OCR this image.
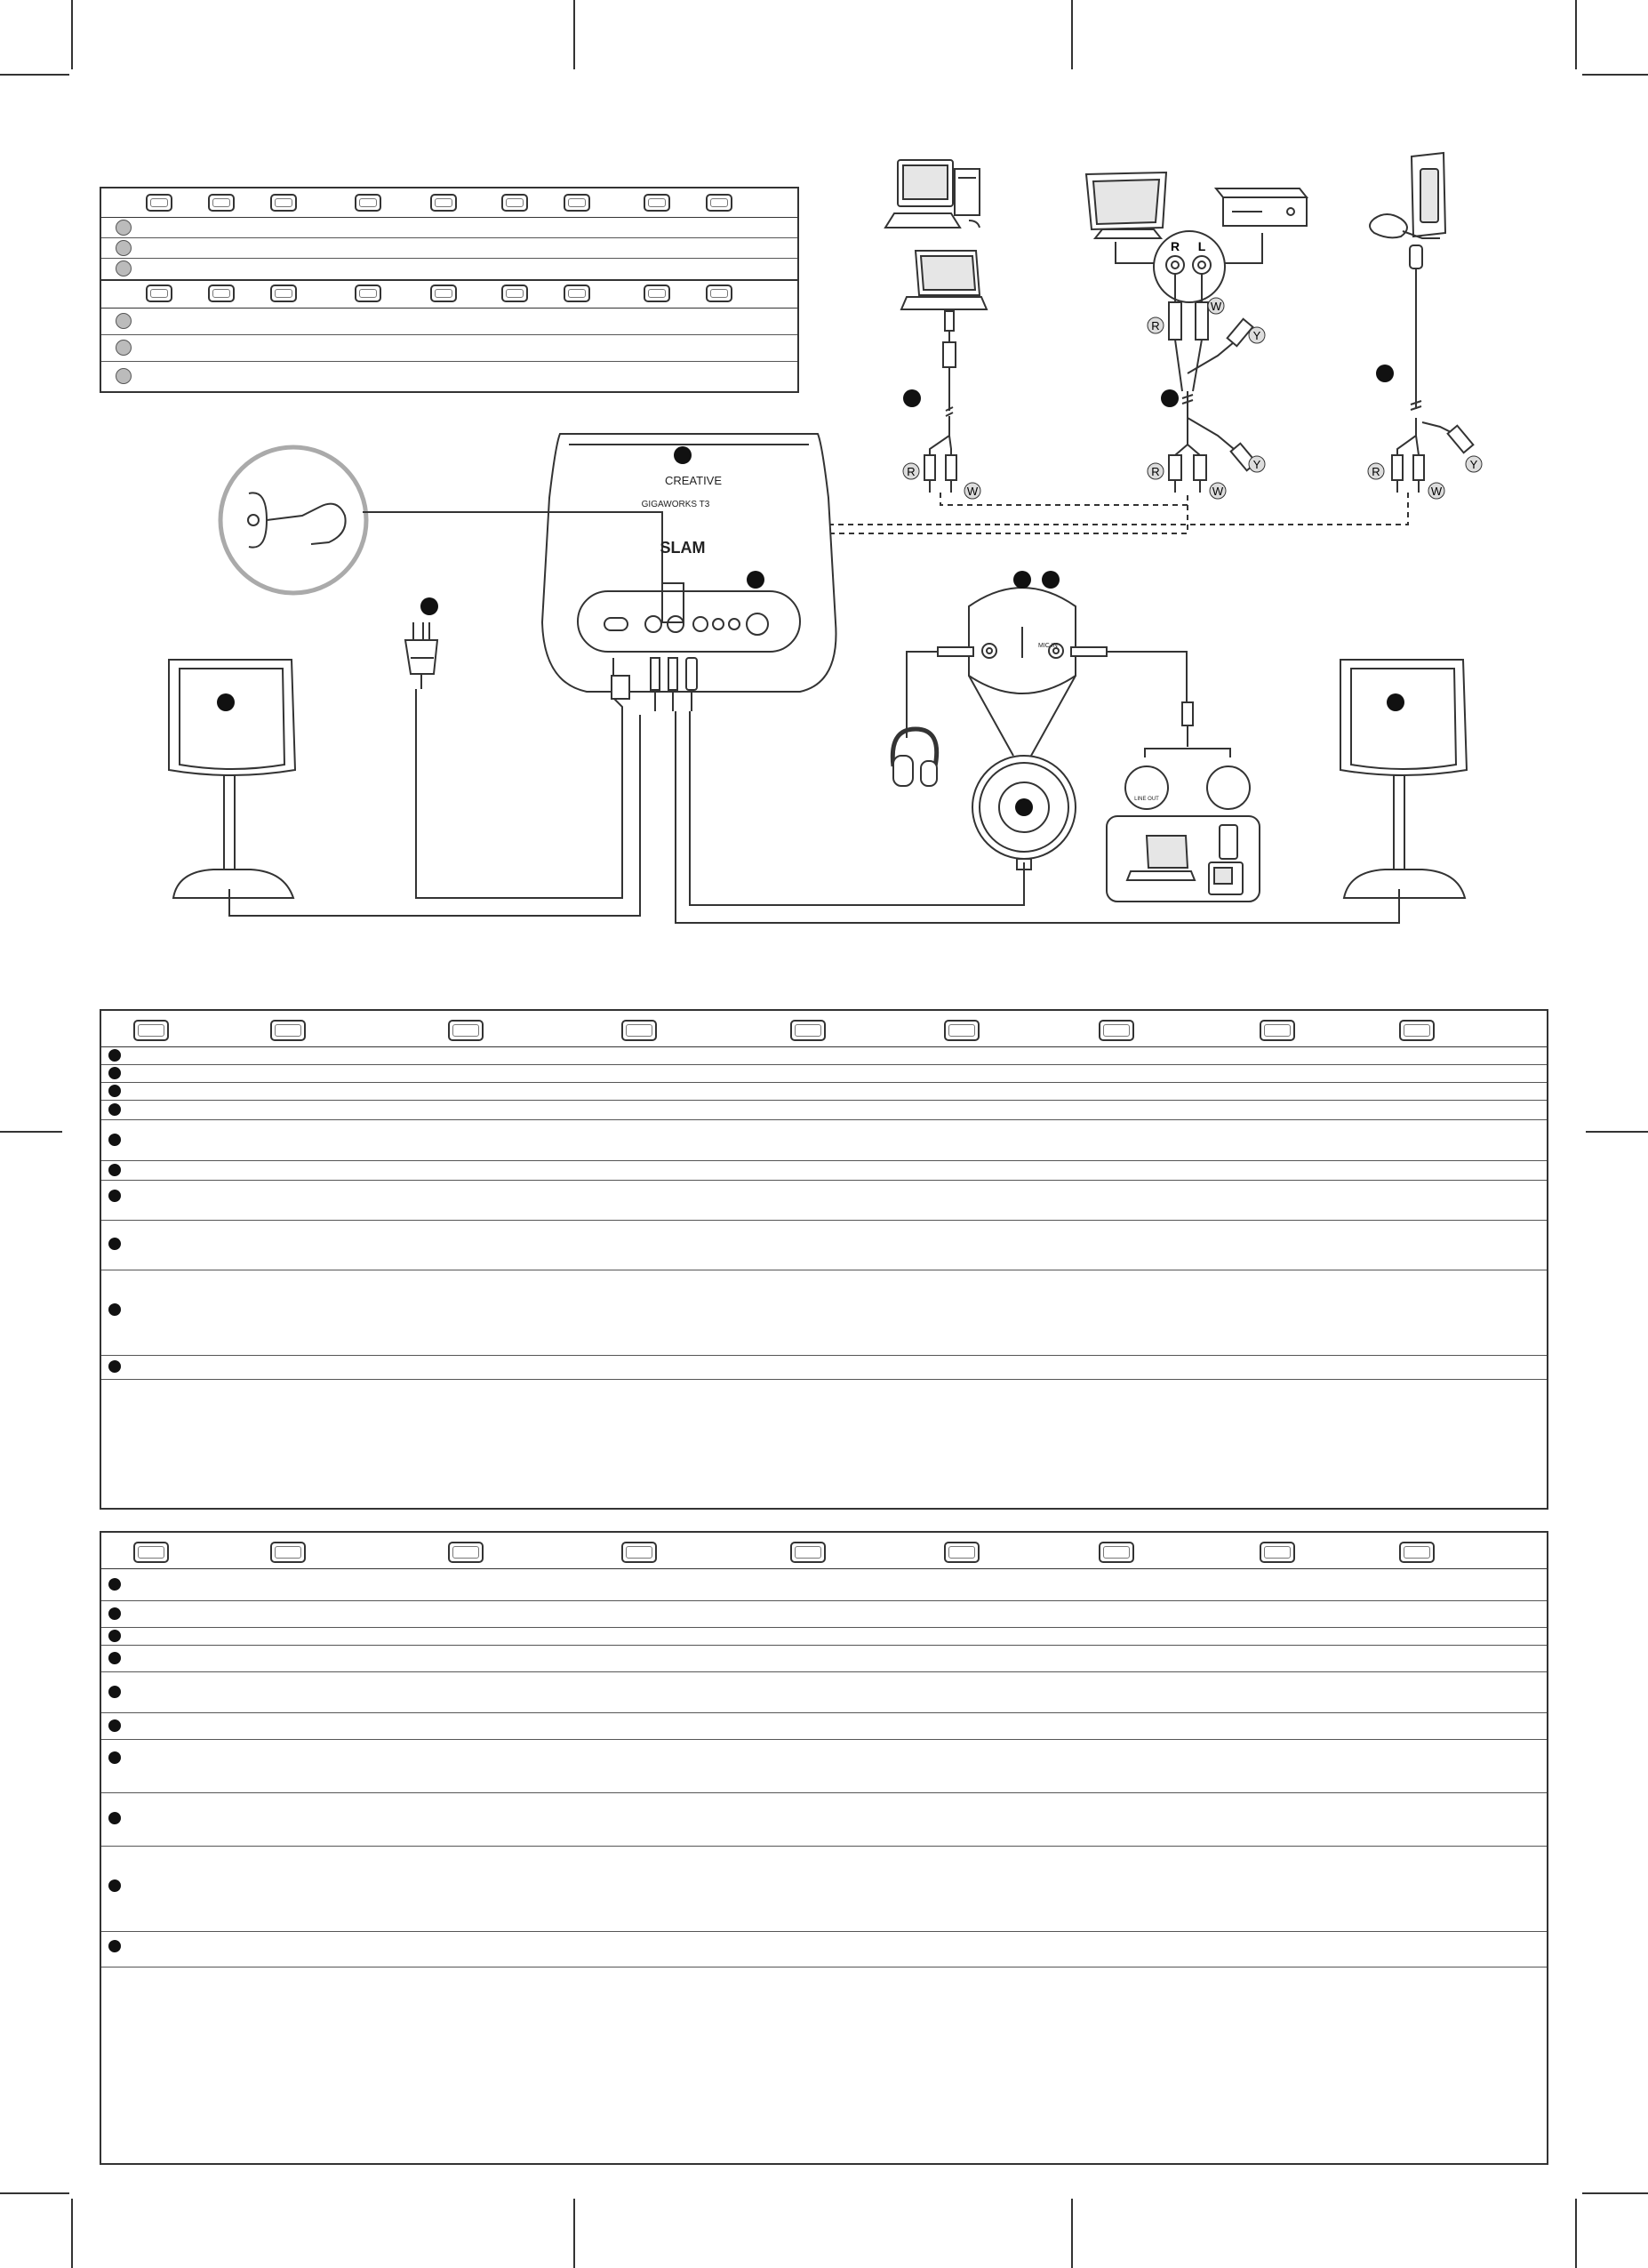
CREATIVE
GIGAWORKS T3
SLAM
MIC IN
LINE OUT
R
W
R
W
Y
Y
R
W
R
W
Y
R L
